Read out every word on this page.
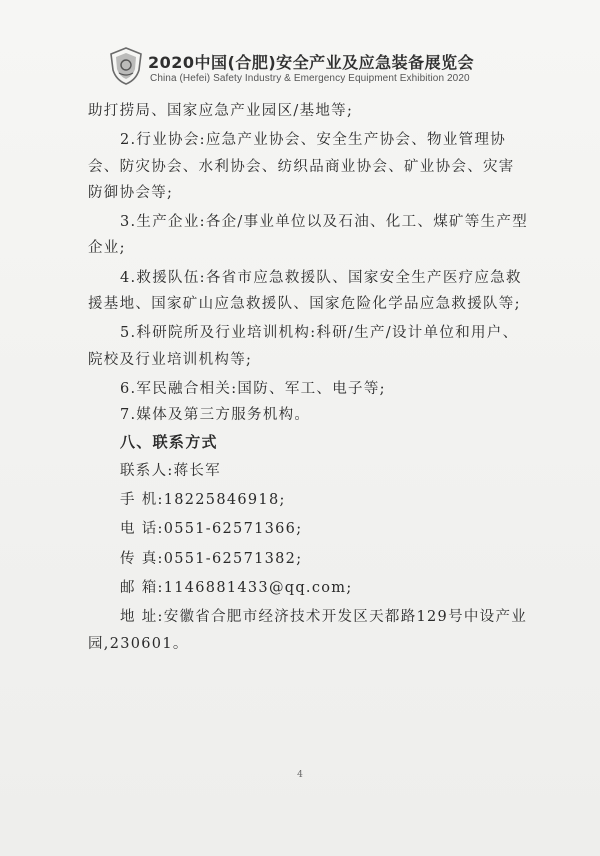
2020中国(合肥)安全产业及应急装备展览会
China (Hefei) Safety Industry & Emergency Equipment Exhibition 2020

助打捞局、国家应急产业园区/基地等;

2.行业协会:应急产业协会、安全生产协会、物业管理协会、防灾协会、水利协会、纺织品商业协会、矿业协会、灾害防御协会等;

3.生产企业:各企/事业单位以及石油、化工、煤矿等生产型企业;

4.救援队伍:各省市应急救援队、国家安全生产医疗应急救援基地、国家矿山应急救援队、国家危险化学品应急救援队等;

5.科研院所及行业培训机构:科研/生产/设计单位和用户、院校及行业培训机构等;

6.军民融合相关:国防、军工、电子等;

7.媒体及第三方服务机构。

八、联系方式

联系人:蒋长军

手 机:18225846918;

电 话:0551-62571366;

传 真:0551-62571382;

邮 箱:1146881433@qq.com;

地 址:安徽省合肥市经济技术开发区天都路129号中设产业园,230601。

4
